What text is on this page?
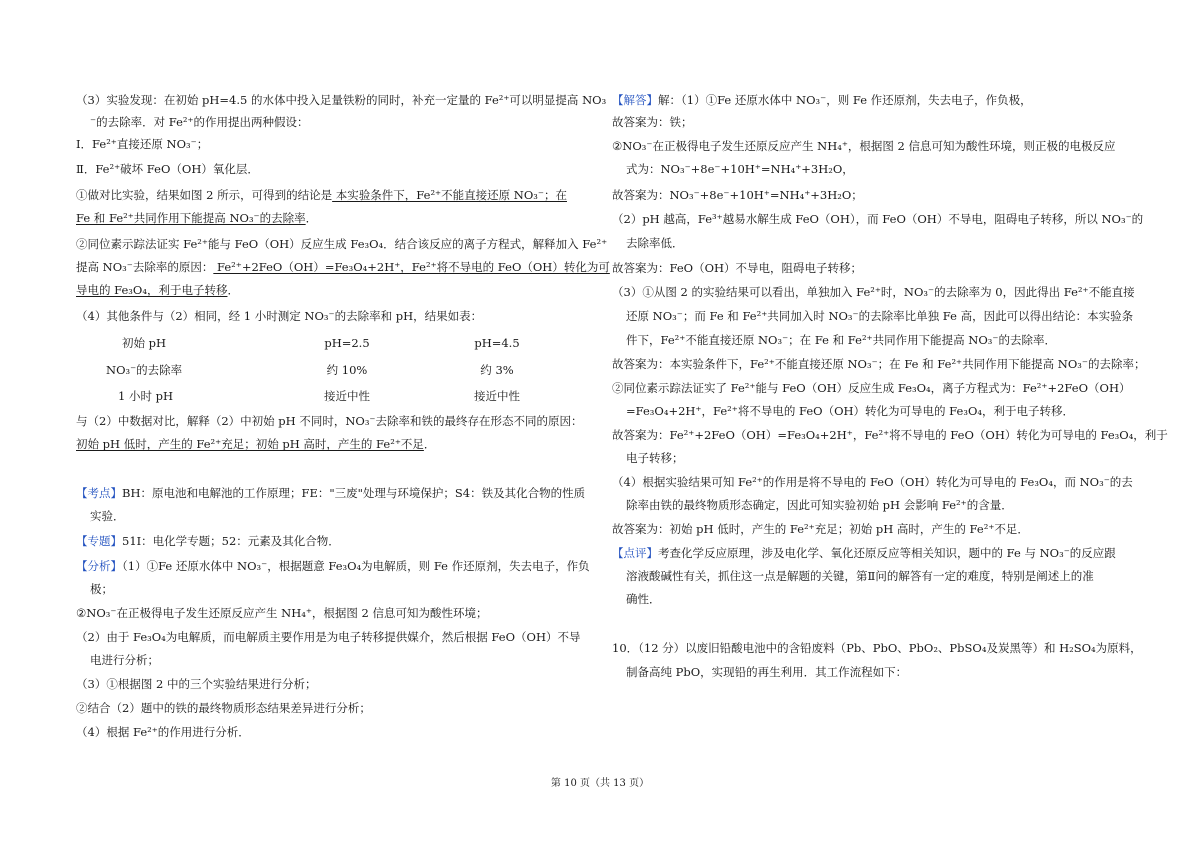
（3）实验发现：在初始 pH=4.5 的水体中投入足量铁粉的同时，补充一定量的 Fe²⁺可以明显提高 NO₃
⁻的去除率．对 Fe²⁺的作用提出两种假设：
Ⅰ．Fe²⁺直接还原 NO₃⁻；
Ⅱ．Fe²⁺破坏 FeO（OH）氧化层．
①做对比实验，结果如图 2 所示，可得到的结论是 本实验条件下，Fe²⁺不能直接还原 NO₃⁻；在
Fe 和 Fe²⁺共同作用下能提高 NO₃⁻的去除率．
②同位素示踪法证实 Fe²⁺能与 FeO（OH）反应生成 Fe₃O₄．结合该反应的离子方程式，解释加入 Fe²⁺
提高 NO₃⁻去除率的原因： Fe²⁺+2FeO（OH）=Fe₃O₄+2H⁺，Fe²⁺将不导电的 FeO（OH）转化为可
导电的 Fe₃O₄，利于电子转移．
（4）其他条件与（2）相同，经 1 小时测定 NO₃⁻的去除率和 pH，结果如表：
初始 pH	pH=2.5	pH=4.5
NO₃⁻的去除率	约 10%	约 3%
1 小时 pH	接近中性	接近中性
与（2）中数据对比，解释（2）中初始 pH 不同时，NO₃⁻去除率和铁的最终存在形态不同的原因：
初始 pH 低时，产生的 Fe²⁺充足；初始 pH 高时，产生的 Fe²⁺不足．
【考点】BH：原电池和电解池的工作原理；FE："三废"处理与环境保护；S4：铁及其化合物的性质
实验．
【专题】51I：电化学专题；52：元素及其化合物．
【分析】（1）①Fe 还原水体中 NO₃⁻，根据题意 Fe₃O₄为电解质，则 Fe 作还原剂，失去电子，作负
极；
②NO₃⁻在正极得电子发生还原反应产生 NH₄⁺，根据图 2 信息可知为酸性环境；
（2）由于 Fe₃O₄为电解质，而电解质主要作用是为电子转移提供媒介，然后根据 FeO（OH）不导
电进行分析；
（3）①根据图 2 中的三个实验结果进行分析；
②结合（2）题中的铁的最终物质形态结果差异进行分析；
（4）根据 Fe²⁺的作用进行分析．
【解答】解：（1）①Fe 还原水体中 NO₃⁻，则 Fe 作还原剂，失去电子，作负极，
故答案为：铁；
②NO₃⁻在正极得电子发生还原反应产生 NH₄⁺，根据图 2 信息可知为酸性环境，则正极的电极反应
式为：NO₃⁻+8e⁻+10H⁺=NH₄⁺+3H₂O，
故答案为：NO₃⁻+8e⁻+10H⁺=NH₄⁺+3H₂O；
（2）pH 越高，Fe³⁺越易水解生成 FeO（OH），而 FeO（OH）不导电，阻碍电子转移，所以 NO₃⁻的
去除率低．
故答案为：FeO（OH）不导电，阻碍电子转移；
（3）①从图 2 的实验结果可以看出，单独加入 Fe²⁺时，NO₃⁻的去除率为 0，因此得出 Fe²⁺不能直接
还原 NO₃⁻；而 Fe 和 Fe²⁺共同加入时 NO₃⁻的去除率比单独 Fe 高，因此可以得出结论：本实验条
件下，Fe²⁺不能直接还原 NO₃⁻；在 Fe 和 Fe²⁺共同作用下能提高 NO₃⁻的去除率．
故答案为：本实验条件下，Fe²⁺不能直接还原 NO₃⁻；在 Fe 和 Fe²⁺共同作用下能提高 NO₃⁻的去除率；
②同位素示踪法证实了 Fe²⁺能与 FeO（OH）反应生成 Fe₃O₄，离子方程式为：Fe²⁺+2FeO（OH）
=Fe₃O₄+2H⁺，Fe²⁺将不导电的 FeO（OH）转化为可导电的 Fe₃O₄，利于电子转移．
故答案为：Fe²⁺+2FeO（OH）=Fe₃O₄+2H⁺，Fe²⁺将不导电的 FeO（OH）转化为可导电的 Fe₃O₄，利于
电子转移；
（4）根据实验结果可知 Fe²⁺的作用是将不导电的 FeO（OH）转化为可导电的 Fe₃O₄，而 NO₃⁻的去
除率由铁的最终物质形态确定，因此可知实验初始 pH 会影响 Fe²⁺的含量．
故答案为：初始 pH 低时，产生的 Fe²⁺充足；初始 pH 高时，产生的 Fe²⁺不足．
【点评】考查化学反应原理，涉及电化学、氧化还原反应等相关知识，题中的 Fe 与 NO₃⁻的反应跟
溶液酸碱性有关，抓住这一点是解题的关键，第Ⅱ问的解答有一定的难度，特别是阐述上的准
确性．
10．（12 分）以废旧铅酸电池中的含铅废料（Pb、PbO、PbO₂、PbSO₄及炭黑等）和 H₂SO₄为原料，
制备高纯 PbO，实现铅的再生利用．其工作流程如下：
第 10 页（共 13 页）
